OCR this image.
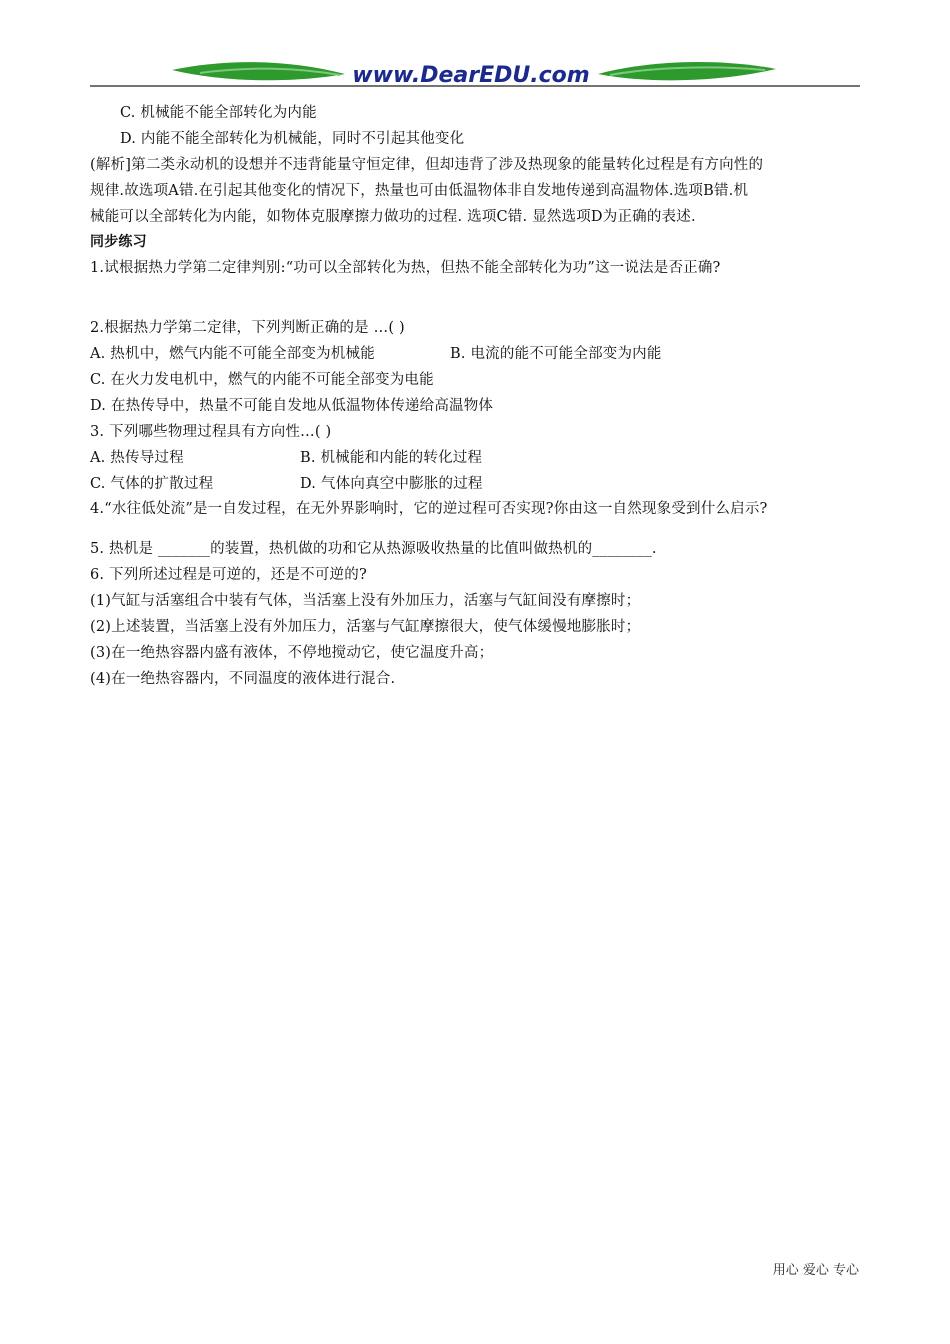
www.DearEDU.com
C. 机械能不能全部转化为内能
D. 内能不能全部转化为机械能，同时不引起其他变化
(解析]第二类永动机的设想并不违背能量守恒定律，但却违背了涉及热现象的能量转化过程是有方向性的
规律.故选项A错.在引起其他变化的情况下，热量也可由低温物体非自发地传递到高温物体.选项B错.机
械能可以全部转化为内能，如物体克服摩擦力做功的过程. 选项C错. 显然选项D为正确的表述.
同步练习
1.试根据热力学第二定律判别:“功可以全部转化为热，但热不能全部转化为功”这一说法是否正确?
2.根据热力学第二定律，下列判断正确的是 …( )
A. 热机中，燃气内能不可能全部变为机械能	B. 电流的能不可能全部变为内能
C. 在火力发电机中，燃气的内能不可能全部变为电能
D. 在热传导中，热量不可能自发地从低温物体传递给高温物体
3. 下列哪些物理过程具有方向性…( )
A. 热传导过程	B. 机械能和内能的转化过程
C. 气体的扩散过程	D. 气体向真空中膨胀的过程
4.“水往低处流”是一自发过程，在无外界影响时，它的逆过程可否实现?你由这一自然现象受到什么启示?
5. 热机是 _______的装置，热机做的功和它从热源吸收热量的比值叫做热机的________.
6. 下列所述过程是可逆的，还是不可逆的?
(1)气缸与活塞组合中装有气体，当活塞上没有外加压力，活塞与气缸间没有摩擦时；
(2)上述装置，当活塞上没有外加压力，活塞与气缸摩擦很大，使气体缓慢地膨胀时；
(3)在一绝热容器内盛有液体，不停地搅动它，使它温度升高；
(4)在一绝热容器内，不同温度的液体进行混合.
用心 爱心 专心
